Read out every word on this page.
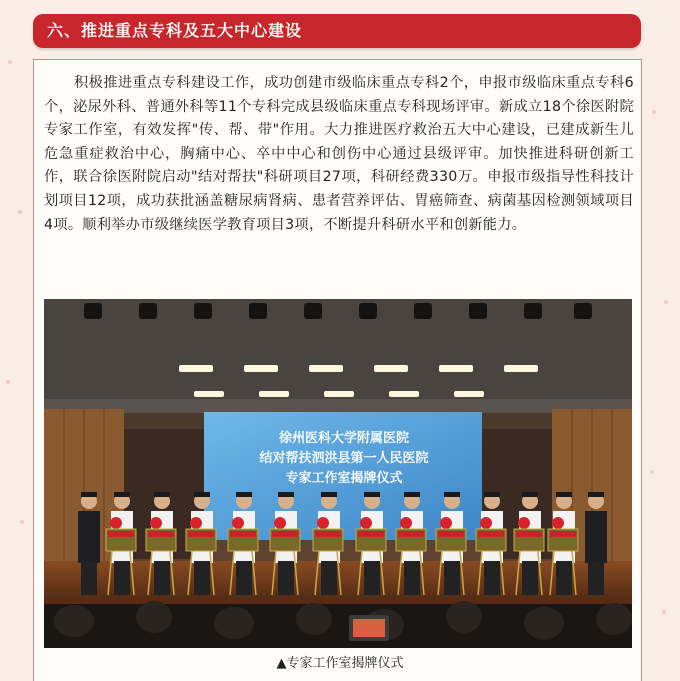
六、推进重点专科及五大中心建设

积极推进重点专科建设工作，成功创建市级临床重点专科2个，申报市级临床重点专科6个，泌尿外科、普通外科等11个专科完成县级临床重点专科现场评审。新成立18个徐医附院专家工作室，有效发挥"传、帮、带"作用。大力推进医疗救治五大中心建设，已建成新生儿危急重症救治中心，胸痛中心、卒中中心和创伤中心通过县级评审。加快推进科研创新工作，联合徐医附院启动"结对帮扶"科研项目27项，科研经费330万。申报市级指导性科技计划项目12项，成功获批涵盖糖尿病肾病、患者营养评估、胃癌筛查、病菌基因检测领域项目4项。顺利举办市级继续医学教育项目3项，不断提升科研水平和创新能力。

徐州医科大学附属医院
结对帮扶泗洪县第一人民医院
专家工作室揭牌仪式
▲专家工作室揭牌仪式
